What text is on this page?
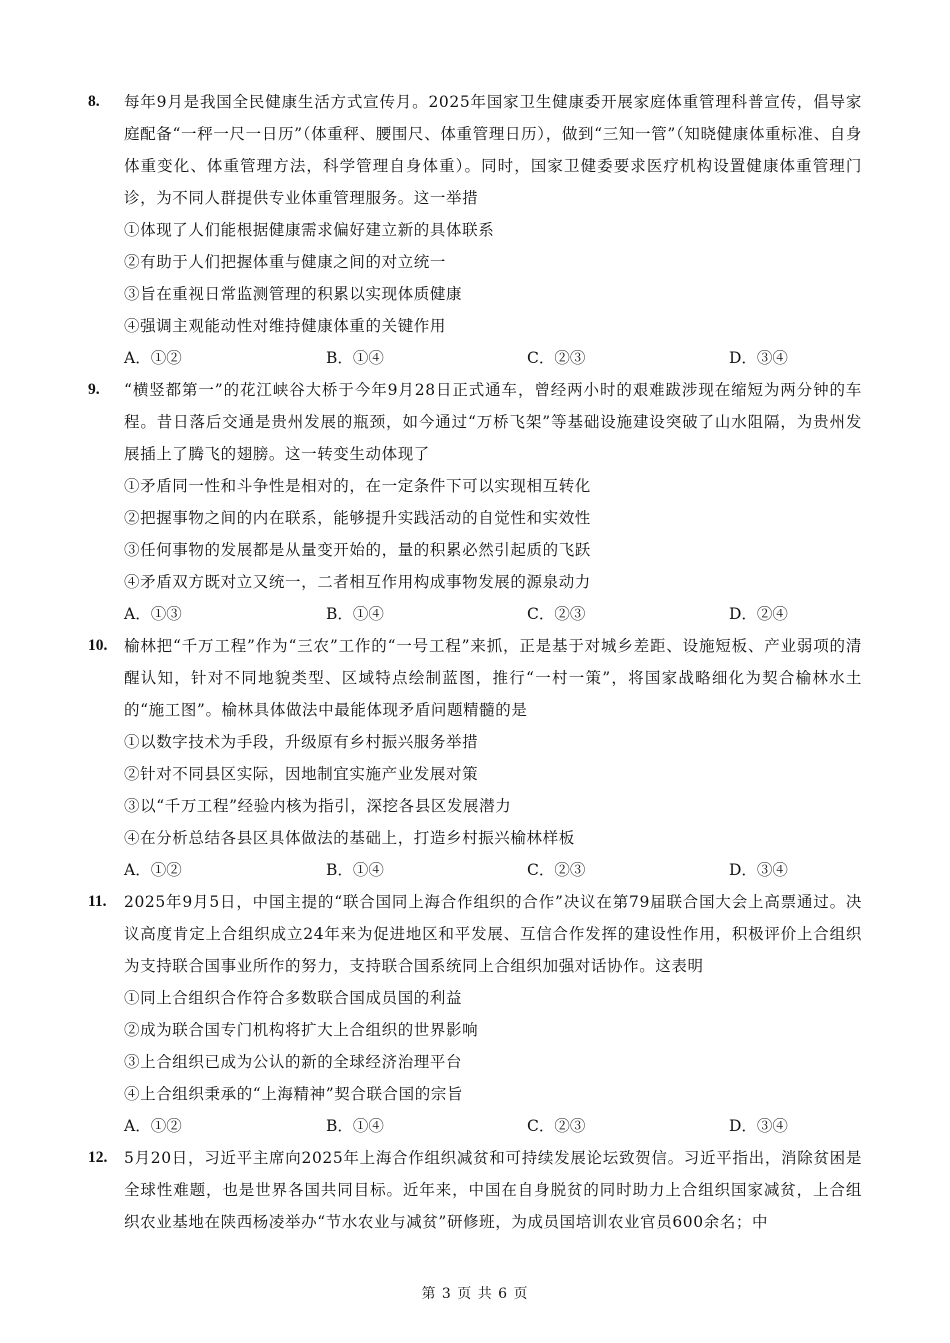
8. 每年9月是我国全民健康生活方式宣传月。2025年国家卫生健康委开展家庭体重管理科普宣传，倡导家庭配备“一秤一尺一日历”（体重秤、腰围尺、体重管理日历），做到“三知一管”（知晓健康体重标准、自身体重变化、体重管理方法，科学管理自身体重）。同时，国家卫健委要求医疗机构设置健康体重管理门诊，为不同人群提供专业体重管理服务。这一举措
①体现了人们能根据健康需求偏好建立新的具体联系
②有助于人们把握体重与健康之间的对立统一
③旨在重视日常监测管理的积累以实现体质健康
④强调主观能动性对维持健康体重的关键作用
A．①②	B．①④	C．②③	D．③④
9. “横竖都第一”的花江峡谷大桥于今年9月28日正式通车，曾经两小时的艰难跋涉现在缩短为两分钟的车程。昔日落后交通是贵州发展的瓶颈，如今通过“万桥飞架”等基础设施建设突破了山水阻隔，为贵州发展插上了腾飞的翅膀。这一转变生动体现了
①矛盾同一性和斗争性是相对的，在一定条件下可以实现相互转化
②把握事物之间的内在联系，能够提升实践活动的自觉性和实效性
③任何事物的发展都是从量变开始的，量的积累必然引起质的飞跃
④矛盾双方既对立又统一，二者相互作用构成事物发展的源泉动力
A．①③	B．①④	C．②③	D．②④
10. 榆林把“千万工程”作为“三农”工作的“一号工程”来抓，正是基于对城乡差距、设施短板、产业弱项的清醒认知，针对不同地貌类型、区域特点绘制蓝图，推行“一村一策”，将国家战略细化为契合榆林水土的“施工图”。榆林具体做法中最能体现矛盾问题精髓的是
①以数字技术为手段，升级原有乡村振兴服务举措
②针对不同县区实际，因地制宜实施产业发展对策
③以“千万工程”经验内核为指引，深挖各县区发展潜力
④在分析总结各县区具体做法的基础上，打造乡村振兴榆林样板
A．①②	B．①④	C．②③	D．③④
11. 2025年9月5日，中国主提的“联合国同上海合作组织的合作”决议在第79届联合国大会上高票通过。决议高度肯定上合组织成立24年来为促进地区和平发展、互信合作发挥的建设性作用，积极评价上合组织为支持联合国事业所作的努力，支持联合国系统同上合组织加强对话协作。这表明
①同上合组织合作符合多数联合国成员国的利益
②成为联合国专门机构将扩大上合组织的世界影响
③上合组织已成为公认的新的全球经济治理平台
④上合组织秉承的“上海精神”契合联合国的宗旨
A．①②	B．①④	C．②③	D．③④
12. 5月20日，习近平主席向2025年上海合作组织减贫和可持续发展论坛致贺信。习近平指出，消除贫困是全球性难题，也是世界各国共同目标。近年来，中国在自身脱贫的同时助力上合组织国家减贫，上合组织农业基地在陕西杨凌举办“节水农业与减贫”研修班，为成员国培训农业官员600余名；中
第 3 页 共 6 页
